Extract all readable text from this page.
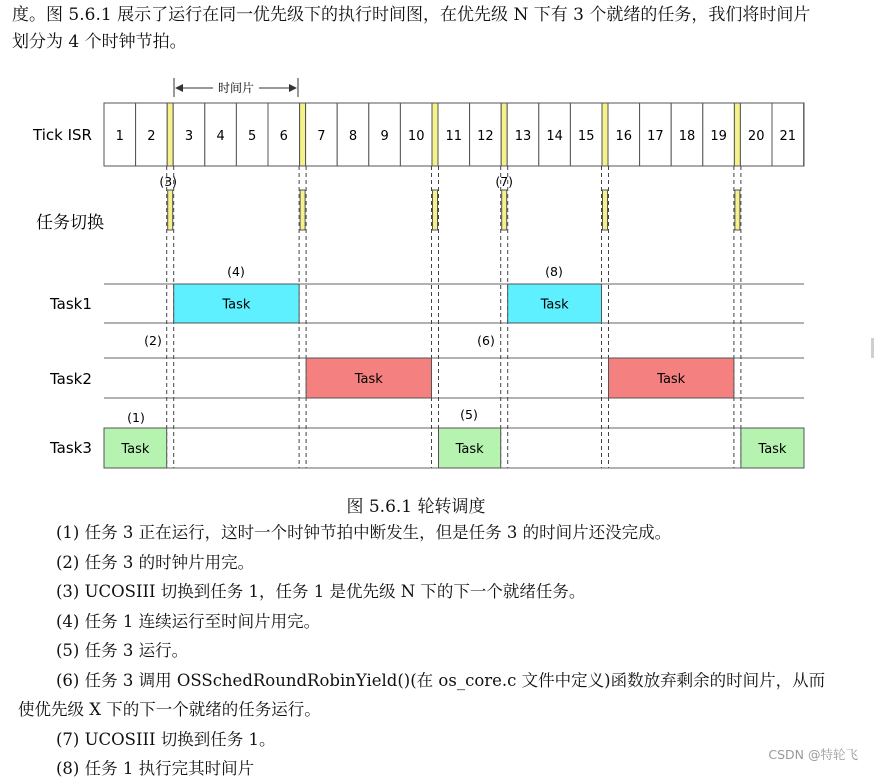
度。图 5.6.1 展示了运行在同一优先级下的执行时间图，在优先级 N 下有 3 个就绪的任务，我们将时间片划分为 4 个时钟节拍。

时间片
Tick ISR
任务切换
Task1
Task2
Task3
1 2 3 4 5 6 7 8 9 10 11 12 13 14 15 16 17 18 19 20 21
Task
Task
Task
Task
Task
Task
Task
(1)
(2)
(3)
(4)
(5)
(6)
(7)
(8)
图 5.6.1 轮转调度

(1) 任务 3 正在运行，这时一个时钟节拍中断发生，但是任务 3 的时间片还没完成。

(2) 任务 3 的时钟片用完。

(3) UCOSIII 切换到任务 1，任务 1 是优先级 N 下的下一个就绪任务。

(4) 任务 1 连续运行至时间片用完。

(5) 任务 3 运行。

(6) 任务 3 调用 OSSchedRoundRobinYield()(在 os_core.c 文件中定义)函数放弃剩余的时间片，从而使优先级 X 下的下一个就绪的任务运行。

(7) UCOSIII 切换到任务 1。

(8) 任务 1 执行完其时间片

CSDN @特轮飞
